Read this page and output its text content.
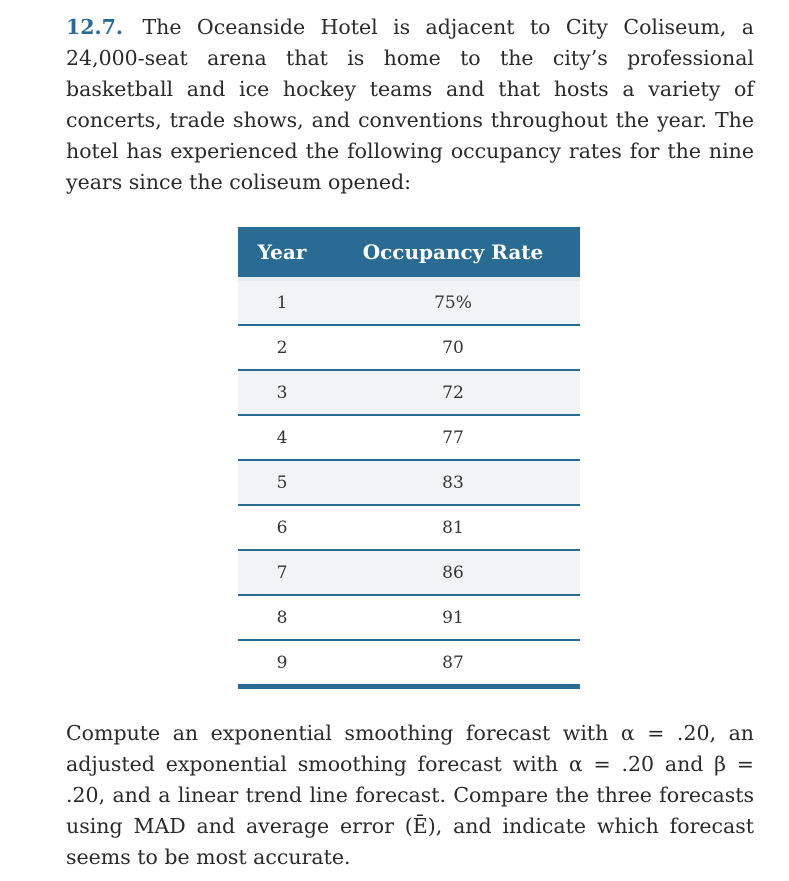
12.7. The Oceanside Hotel is adjacent to City Coliseum, a 24,000-seat arena that is home to the city’s professional basketball and ice hockey teams and that hosts a variety of concerts, trade shows, and conventions throughout the year. The hotel has experienced the following occupancy rates for the nine years since the coliseum opened:

Year	Occupancy Rate
1	75%
2	70
3	72
4	77
5	83
6	81
7	86
8	91
9	87

Compute an exponential smoothing forecast with α = .20, an adjusted exponential smoothing forecast with α = .20 and β = .20, and a linear trend line forecast. Compare the three forecasts using MAD and average error (Ē), and indicate which forecast seems to be most accurate.
